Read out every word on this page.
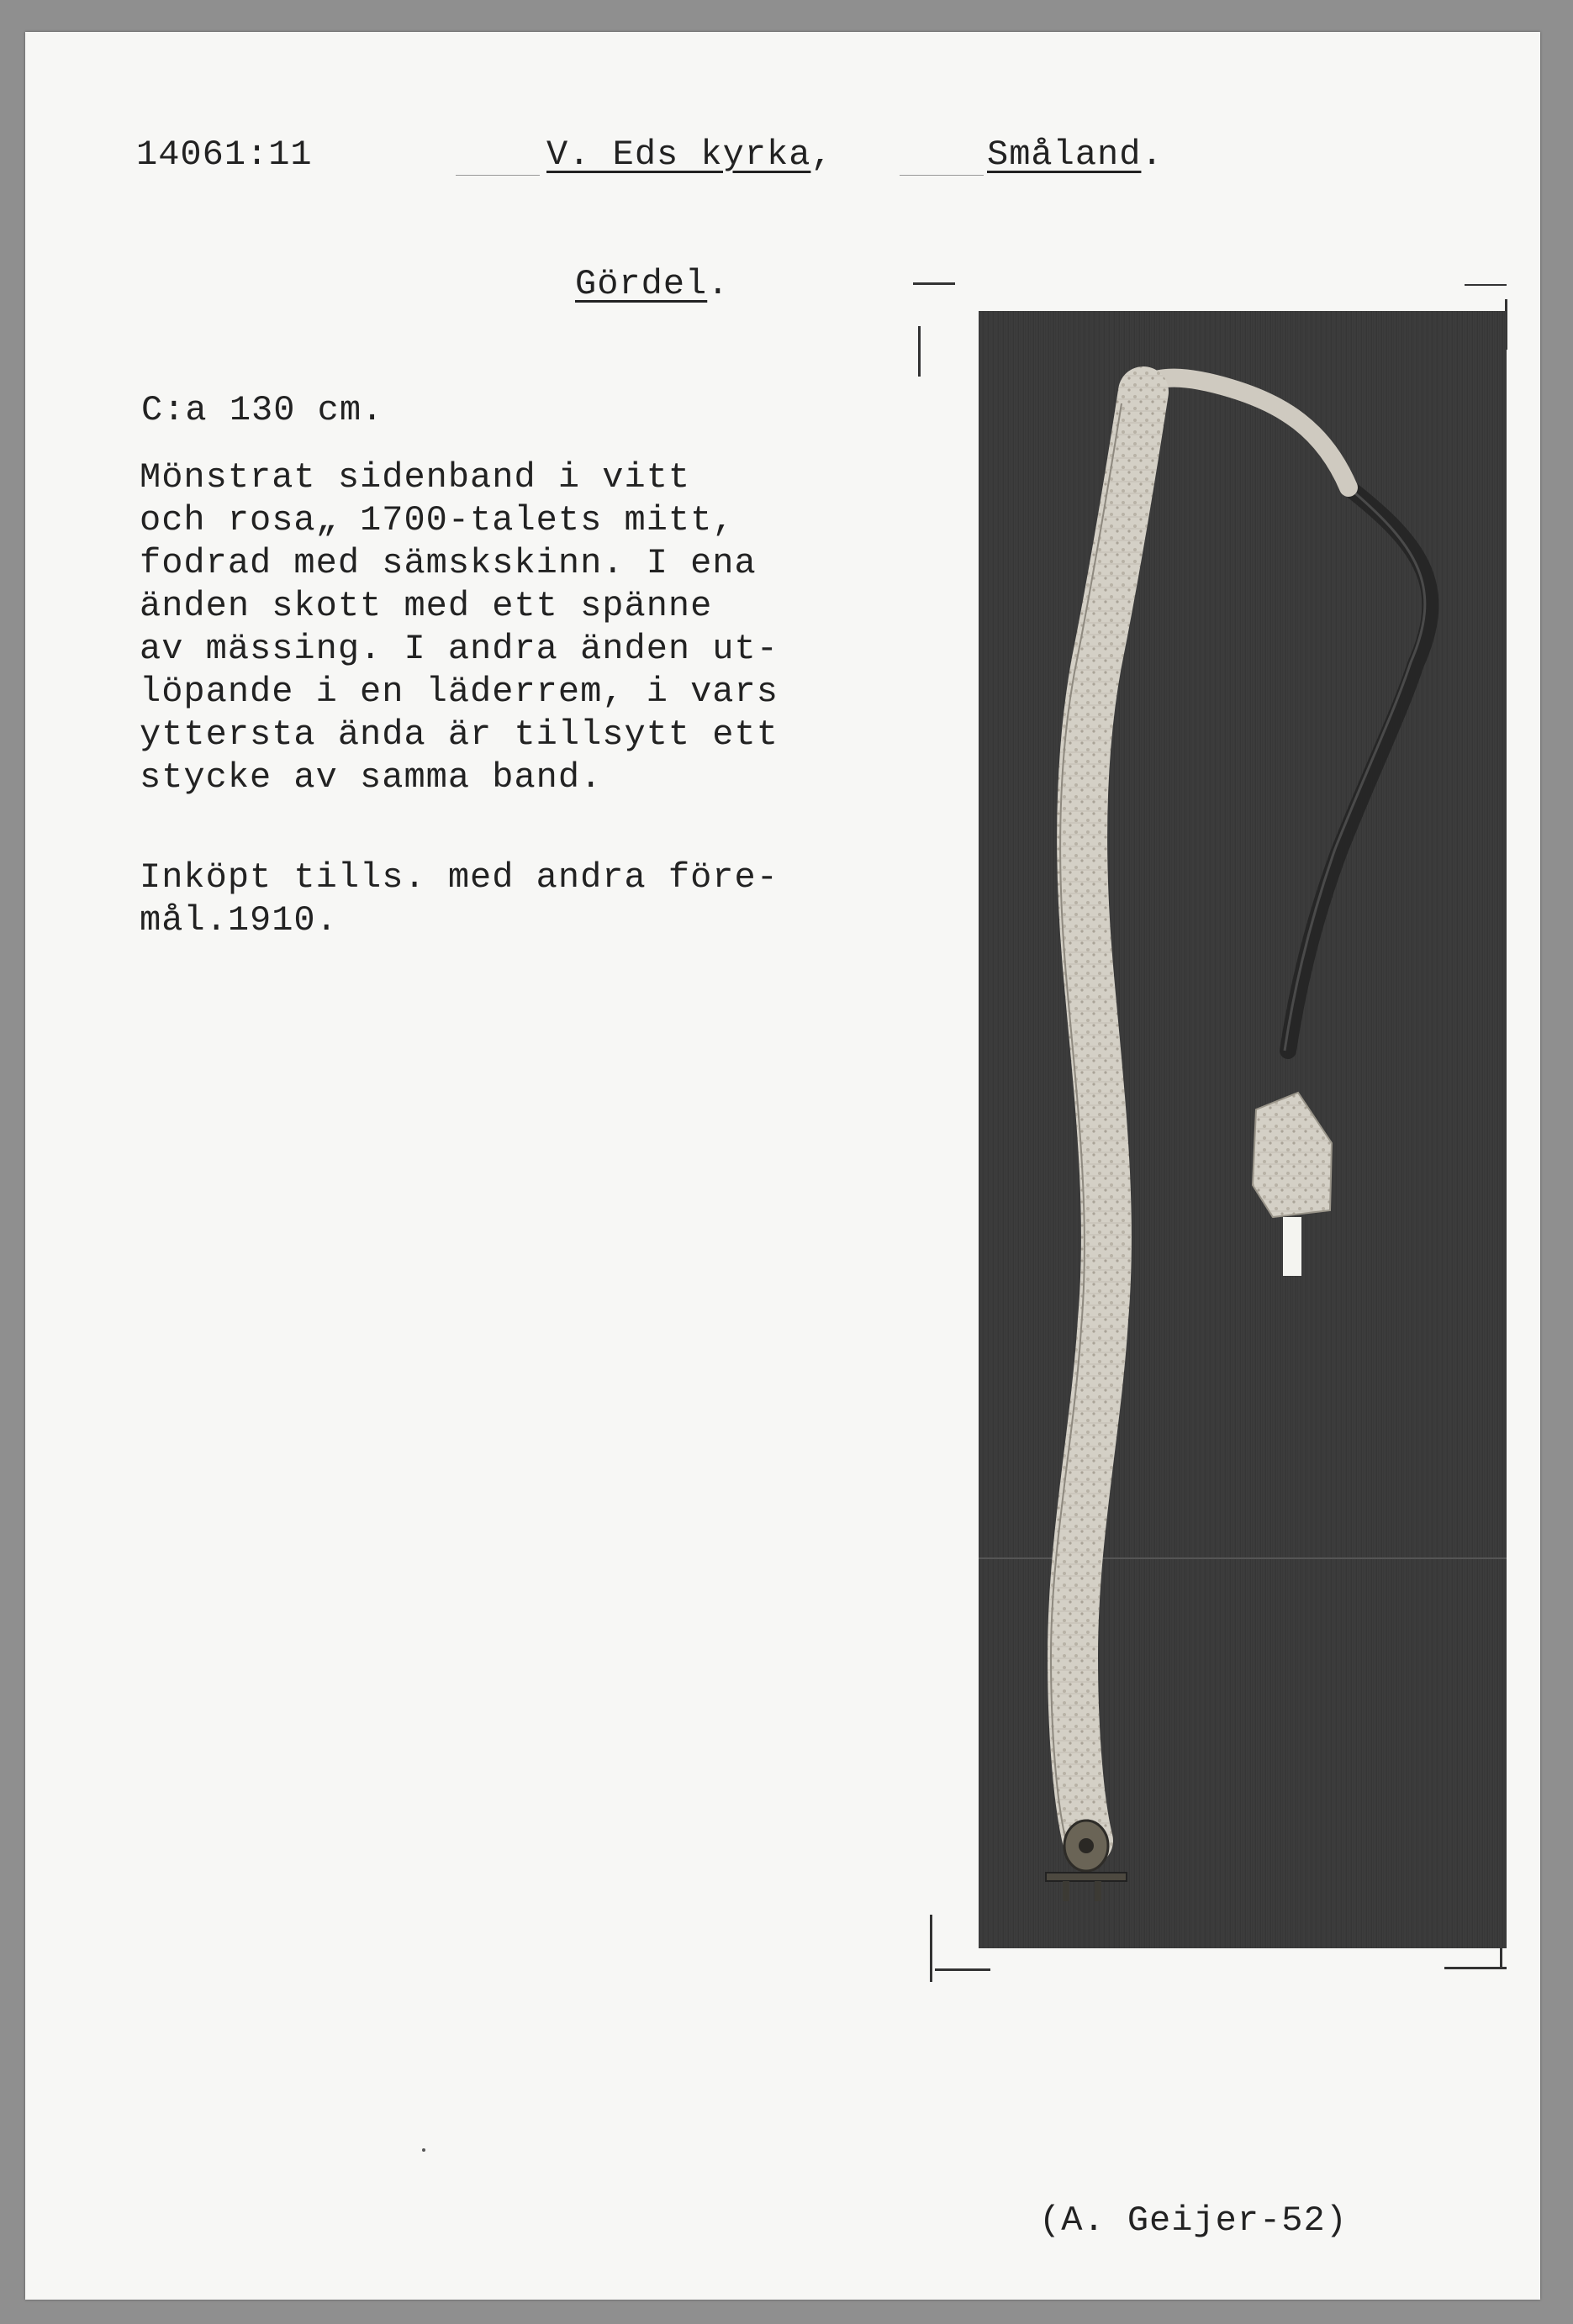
14061:11	V. Eds kyrka,	Småland.
Gördel.
C:a 130 cm.
Mönstrat sidenband i vitt
och rosa„ 1700-talets mitt,
fodrad med sämskskinn. I ena
änden skott med ett spänne
av mässing. I andra änden ut-
löpande i en läderrem, i vars
yttersta ända är tillsytt ett
stycke av samma band.
Inköpt tills. med andra före-
mål.1910.
(A. Geijer-52)
